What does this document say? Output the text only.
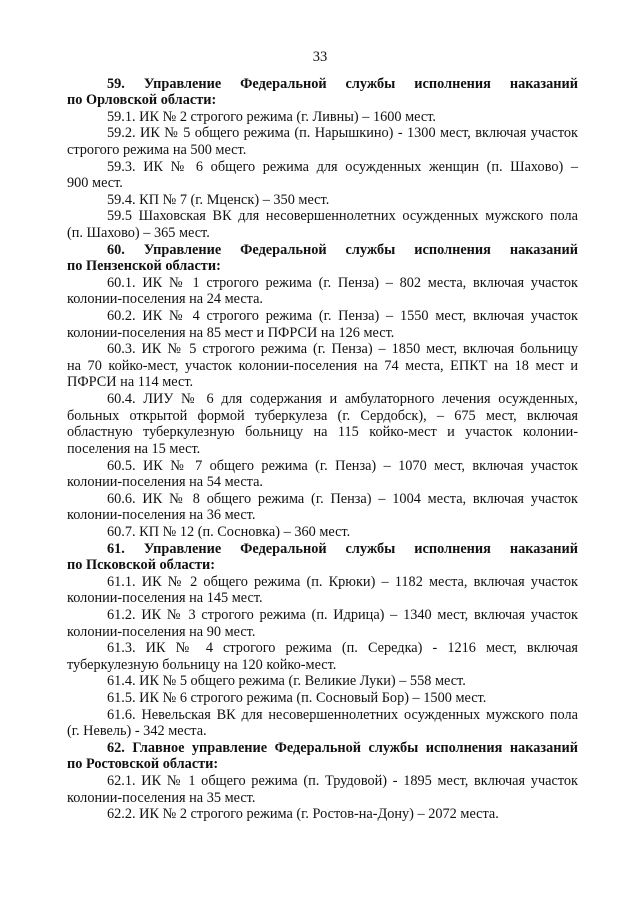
33
59. Управление Федеральной службы исполнения наказаний
по Орловской области:
59.1. ИК № 2 строгого режима (г. Ливны) – 1600 мест.
59.2. ИК № 5 общего режима (п. Нарышкино) - 1300 мест, включая участок
строгого режима на 500 мест.
59.3. ИК № 6 общего режима для осужденных женщин (п. Шахово) –
900 мест.
59.4. КП № 7 (г. Мценск) – 350 мест.
59.5 Шаховская ВК для несовершеннолетних осужденных мужского пола
(п. Шахово) – 365 мест.
60. Управление Федеральной службы исполнения наказаний
по Пензенской области:
60.1. ИК № 1 строгого режима (г. Пенза) – 802 места, включая участок
колонии-поселения на 24 места.
60.2. ИК № 4 строгого режима (г. Пенза) – 1550 мест, включая участок
колонии-поселения на 85 мест и ПФРСИ на 126 мест.
60.3. ИК № 5 строгого режима (г. Пенза) – 1850 мест, включая больницу
на 70 койко-мест, участок колонии-поселения на 74 места, ЕПКТ на 18 мест и
ПФРСИ на 114 мест.
60.4. ЛИУ № 6 для содержания и амбулаторного лечения осужденных,
больных открытой формой туберкулеза (г. Сердобск), – 675 мест, включая
областную туберкулезную больницу на 115 койко-мест и участок колонии-
поселения на 15 мест.
60.5. ИК № 7 общего режима (г. Пенза) – 1070 мест, включая участок
колонии-поселения на 54 места.
60.6. ИК № 8 общего режима (г. Пенза) – 1004 места, включая участок
колонии-поселения на 36 мест.
60.7. КП № 12 (п. Сосновка) – 360 мест.
61. Управление Федеральной службы исполнения наказаний
по Псковской области:
61.1. ИК № 2 общего режима (п. Крюки) – 1182 места, включая участок
колонии-поселения на 145 мест.
61.2. ИК № 3 строгого режима (п. Идрица) – 1340 мест, включая участок
колонии-поселения на 90 мест.
61.3. ИК № 4 строгого режима (п. Середка) - 1216 мест, включая
туберкулезную больницу на 120 койко-мест.
61.4. ИК № 5 общего режима (г. Великие Луки) – 558 мест.
61.5. ИК № 6 строгого режима (п. Сосновый Бор) – 1500 мест.
61.6. Невельская ВК для несовершеннолетних осужденных мужского пола
(г. Невель) - 342 места.
62. Главное управление Федеральной службы исполнения наказаний
по Ростовской области:
62.1. ИК № 1 общего режима (п. Трудовой) - 1895 мест, включая участок
колонии-поселения на 35 мест.
62.2. ИК № 2 строгого режима (г. Ростов-на-Дону) – 2072 места.
